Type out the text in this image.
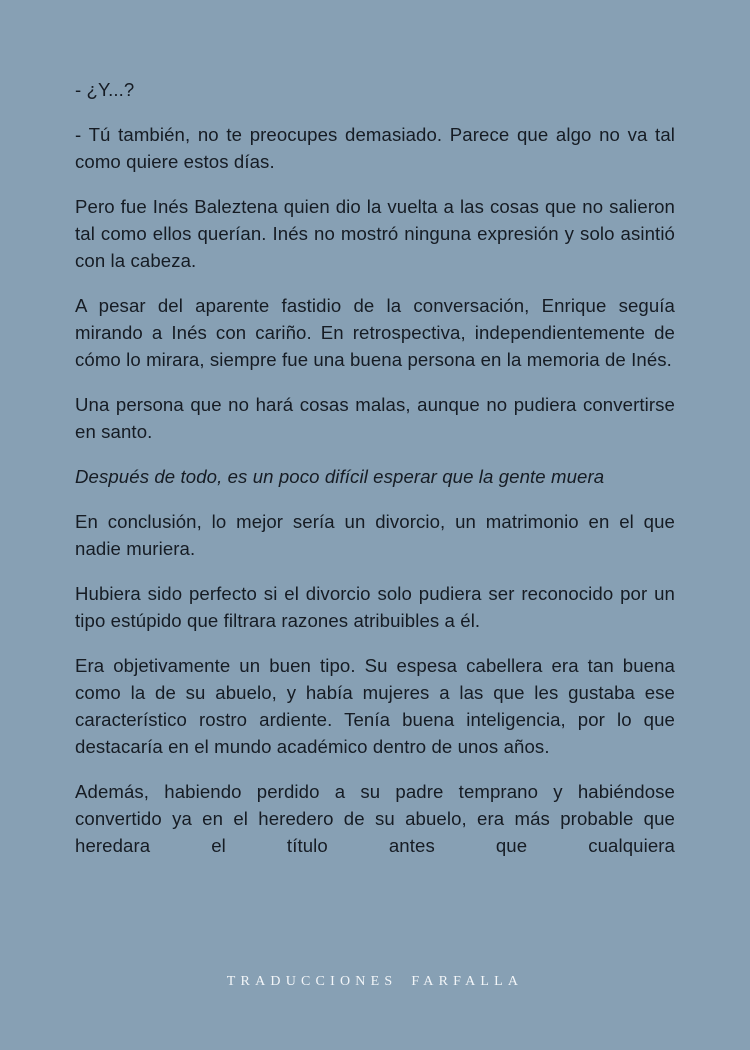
- ¿Y...?

- Tú también, no te preocupes demasiado. Parece que algo no va tal como quiere estos días.

Pero fue Inés Baleztena quien dio la vuelta a las cosas que no salieron tal como ellos querían. Inés no mostró ninguna expresión y solo asintió con la cabeza.

A pesar del aparente fastidio de la conversación, Enrique seguía mirando a Inés con cariño. En retrospectiva, independientemente de cómo lo mirara, siempre fue una buena persona en la memoria de Inés.

Una persona que no hará cosas malas, aunque no pudiera convertirse en santo.

Después de todo, es un poco difícil esperar que la gente muera

En conclusión, lo mejor sería un divorcio, un matrimonio en el que nadie muriera.

Hubiera sido perfecto si el divorcio solo pudiera ser reconocido por un tipo estúpido que filtrara razones atribuibles a él.

Era objetivamente un buen tipo. Su espesa cabellera era tan buena como la de su abuelo, y había mujeres a las que les gustaba ese característico rostro ardiente. Tenía buena inteligencia, por lo que destacaría en el mundo académico dentro de unos años.

Además, habiendo perdido a su padre temprano y habiéndose convertido ya en el heredero de su abuelo, era más probable que heredara el título antes que cualquiera

TRADUCCIONES FARFALLA
